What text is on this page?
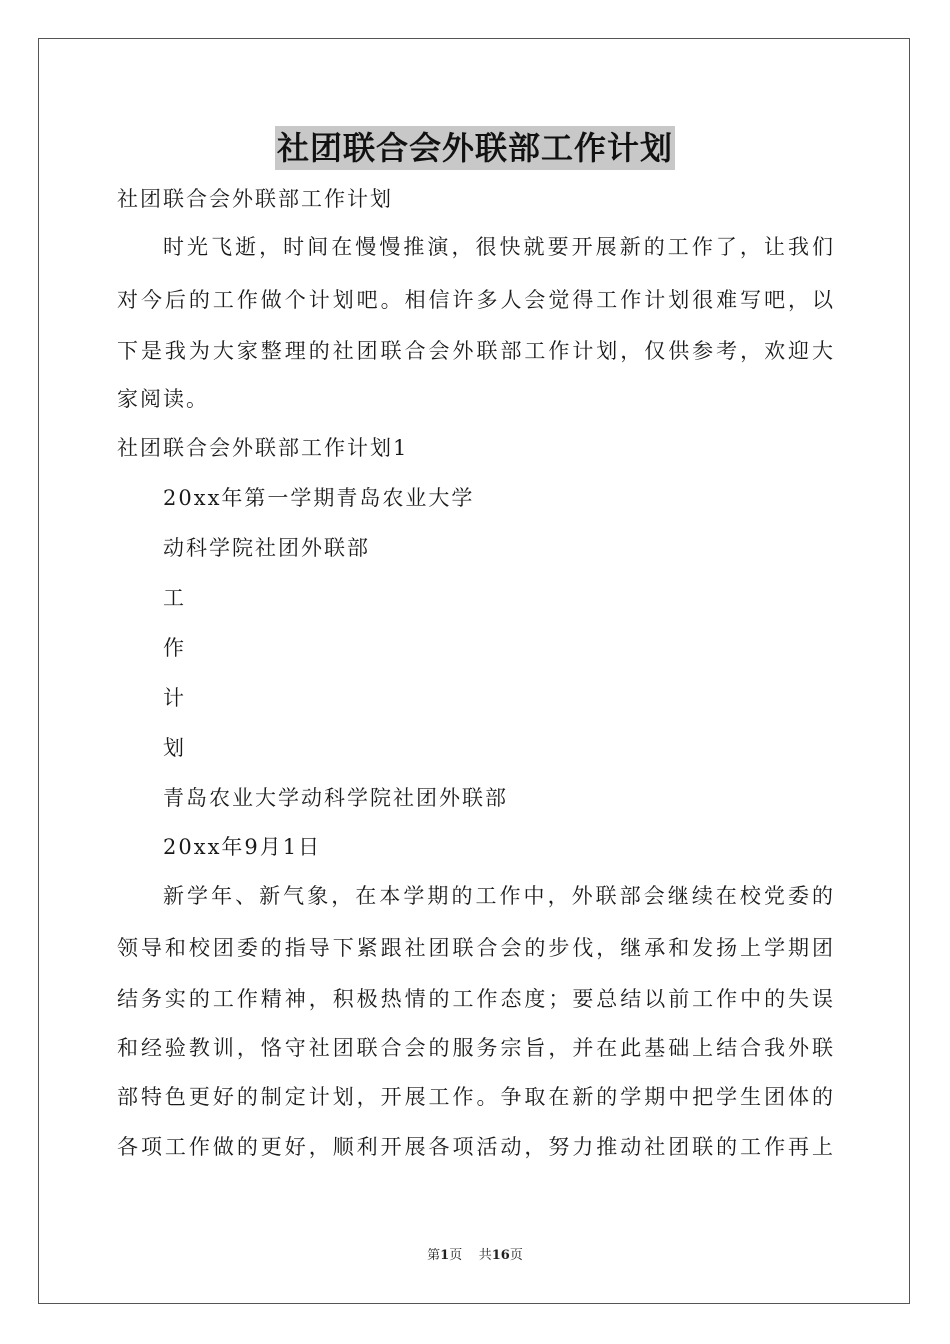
社团联合会外联部工作计划
社团联合会外联部工作计划
时光飞逝，时间在慢慢推演，很快就要开展新的工作了，让我们
对今后的工作做个计划吧。相信许多人会觉得工作计划很难写吧，以
下是我为大家整理的社团联合会外联部工作计划，仅供参考，欢迎大
家阅读。
社团联合会外联部工作计划1
20xx年第一学期青岛农业大学
动科学院社团外联部
工
作
计
划
青岛农业大学动科学院社团外联部
20xx年9月1日
新学年、新气象，在本学期的工作中，外联部会继续在校党委的
领导和校团委的指导下紧跟社团联合会的步伐，继承和发扬上学期团
结务实的工作精神，积极热情的工作态度；要总结以前工作中的失误
和经验教训，恪守社团联合会的服务宗旨，并在此基础上结合我外联
部特色更好的制定计划，开展工作。争取在新的学期中把学生团体的
各项工作做的更好，顺利开展各项活动，努力推动社团联的工作再上
第1页 共16页
